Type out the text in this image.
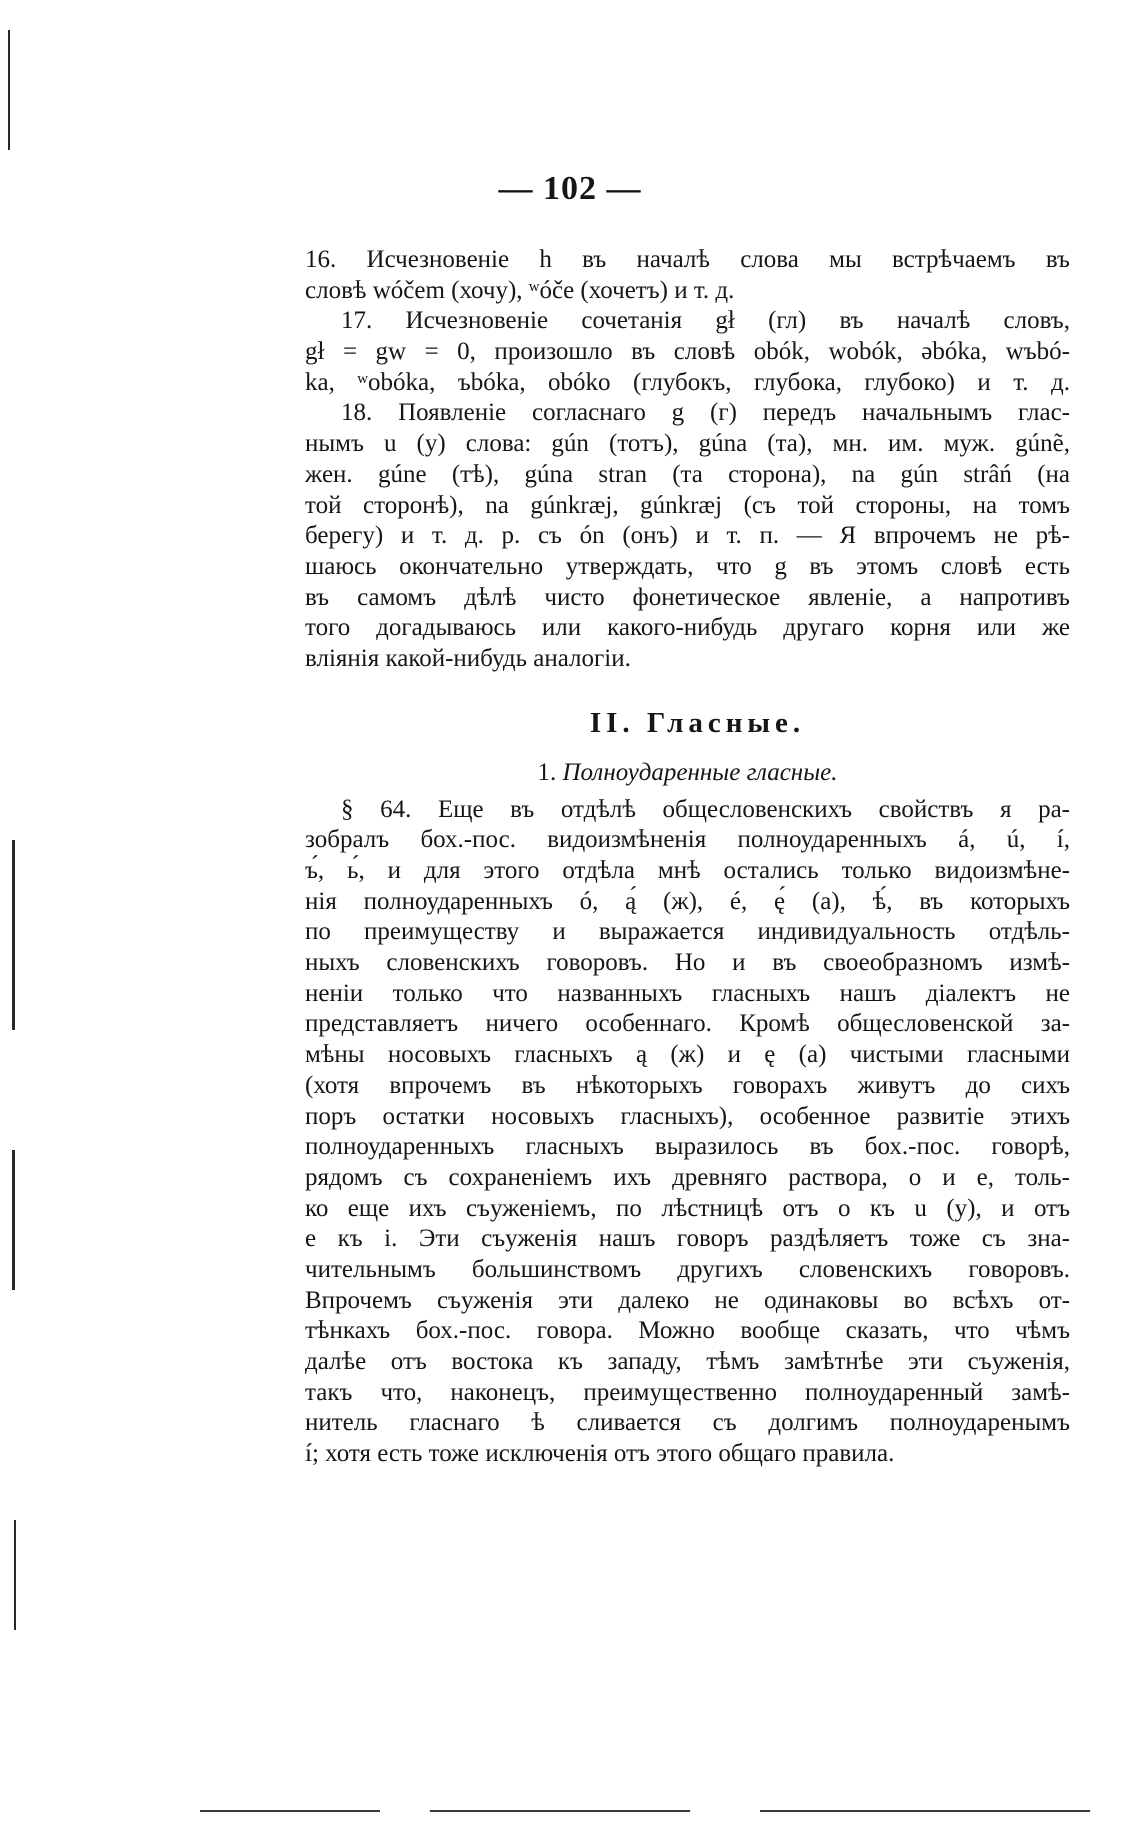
— 102 —
16. Исчезновеніе h въ началѣ слова мы встрѣчаемъ въ
словѣ wóčem (хочу), ʷóče (хочетъ) и т. д.
17. Исчезновеніе сочетанія gł (гл) въ началѣ словъ,
gł = gw = 0, произошло въ словѣ obók, wobók, əbóka, wъbó-
ka, ʷobóka, ъbóka, obóko (глубокъ, глубока, глубоко) и т. д.
18. Появленіе согласнаго g (г) передъ начальнымъ глас-
нымъ u (у) слова: gún (тотъ), gúna (та), мн. им. муж. gúnẽ,
жен. gúne (тѣ), gúna stran (та сторона), na gún strâń (на
той сторонѣ), na gúnkræj, gúnkræj (съ той стороны, на томъ
берегу) и т. д. р. съ ón (онъ) и т. п. — Я впрочемъ не рѣ-
шаюсь окончательно утверждать, что g въ этомъ словѣ есть
въ самомъ дѣлѣ чисто фонетическое явленіе, а напротивъ
того догадываюсь или какого-нибудь другаго корня или же
вліянія какой-нибудь аналогіи.
II. Гласные.
1. Полноударенные гласные.
§ 64. Еще въ отдѣлѣ общесловенскихъ свойствъ я ра-
зобралъ бох.-пос. видоизмѣненія полноударенныхъ á, ú, í,
ъ́, ь́, и для этого отдѣла мнѣ остались только видоизмѣне-
нія полноударенныхъ ó, ą́ (ж), é, ę́ (а), ѣ́, въ которыхъ
по преимуществу и выражается индивидуальность отдѣль-
ныхъ словенскихъ говоровъ. Но и въ своеобразномъ измѣ-
неніи только что названныхъ гласныхъ нашъ діалектъ не
представляетъ ничего особеннаго. Кромѣ общесловенской за-
мѣны носовыхъ гласныхъ ą (ж) и ę (а) чистыми гласными
(хотя впрочемъ въ нѣкоторыхъ говорахъ живутъ до сихъ
поръ остатки носовыхъ гласныхъ), особенное развитіе этихъ
полноударенныхъ гласныхъ выразилось въ бох.-пос. говорѣ,
рядомъ съ сохраненіемъ ихъ древняго раствора, о и е, толь-
ко еще ихъ съуженіемъ, по лѣстницѣ отъ о къ u (у), и отъ
е къ i. Эти съуженія нашъ говоръ раздѣляетъ тоже съ зна-
чительнымъ большинствомъ другихъ словенскихъ говоровъ.
Впрочемъ съуженія эти далеко не одинаковы во всѣхъ от-
тѣнкахъ бох.-пос. говора. Можно вообще сказать, что чѣмъ
далѣе отъ востока къ западу, тѣмъ замѣтнѣе эти съуженія,
такъ что, наконецъ, преимущественно полноударенный замѣ-
нитель гласнаго ѣ сливается съ долгимъ полноударенымъ
í; хотя есть тоже исключенія отъ этого общаго правила.
